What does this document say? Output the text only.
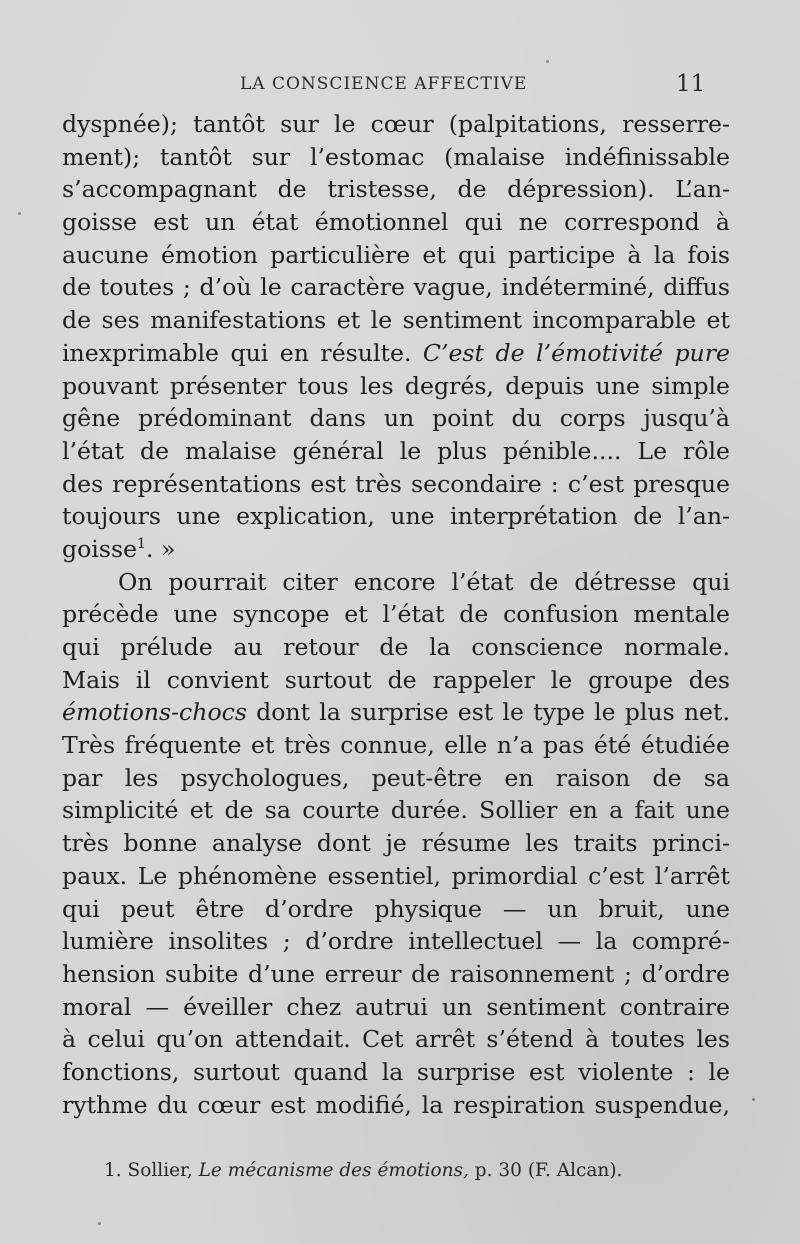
LA CONSCIENCE AFFECTIVE	11
dyspnée); tantôt sur le cœur (palpitations, resserre-
ment); tantôt sur l’estomac (malaise indéfinissable
s’accompagnant de tristesse, de dépression). L’an-
goisse est un état émotionnel qui ne correspond à
aucune émotion particulière et qui participe à la fois
de toutes ; d’où le caractère vague, indéterminé, diffus
de ses manifestations et le sentiment incomparable et
inexprimable qui en résulte. C’est de l’émotivité pure
pouvant présenter tous les degrés, depuis une simple
gêne prédominant dans un point du corps jusqu’à
l’état de malaise général le plus pénible.... Le rôle
des représentations est très secondaire : c’est presque
toujours une explication, une interprétation de l’an-
goisse$^1$. »
On pourrait citer encore l’état de détresse qui
précède une syncope et l’état de confusion mentale
qui prélude au retour de la conscience normale.
Mais il convient surtout de rappeler le groupe des
émotions-chocs dont la surprise est le type le plus net.
Très fréquente et très connue, elle n’a pas été étudiée
par les psychologues, peut-être en raison de sa
simplicité et de sa courte durée. Sollier en a fait une
très bonne analyse dont je résume les traits princi-
paux. Le phénomène essentiel, primordial c’est l’arrêt
qui peut être d’ordre physique — un bruit, une
lumière insolites ; d’ordre intellectuel — la compré-
hension subite d’une erreur de raisonnement ; d’ordre
moral — éveiller chez autrui un sentiment contraire
à celui qu’on attendait. Cet arrêt s’étend à toutes les
fonctions, surtout quand la surprise est violente : le
rythme du cœur est modifié, la respiration suspendue,
1. Sollier, Le mécanisme des émotions, p. 30 (F. Alcan).
